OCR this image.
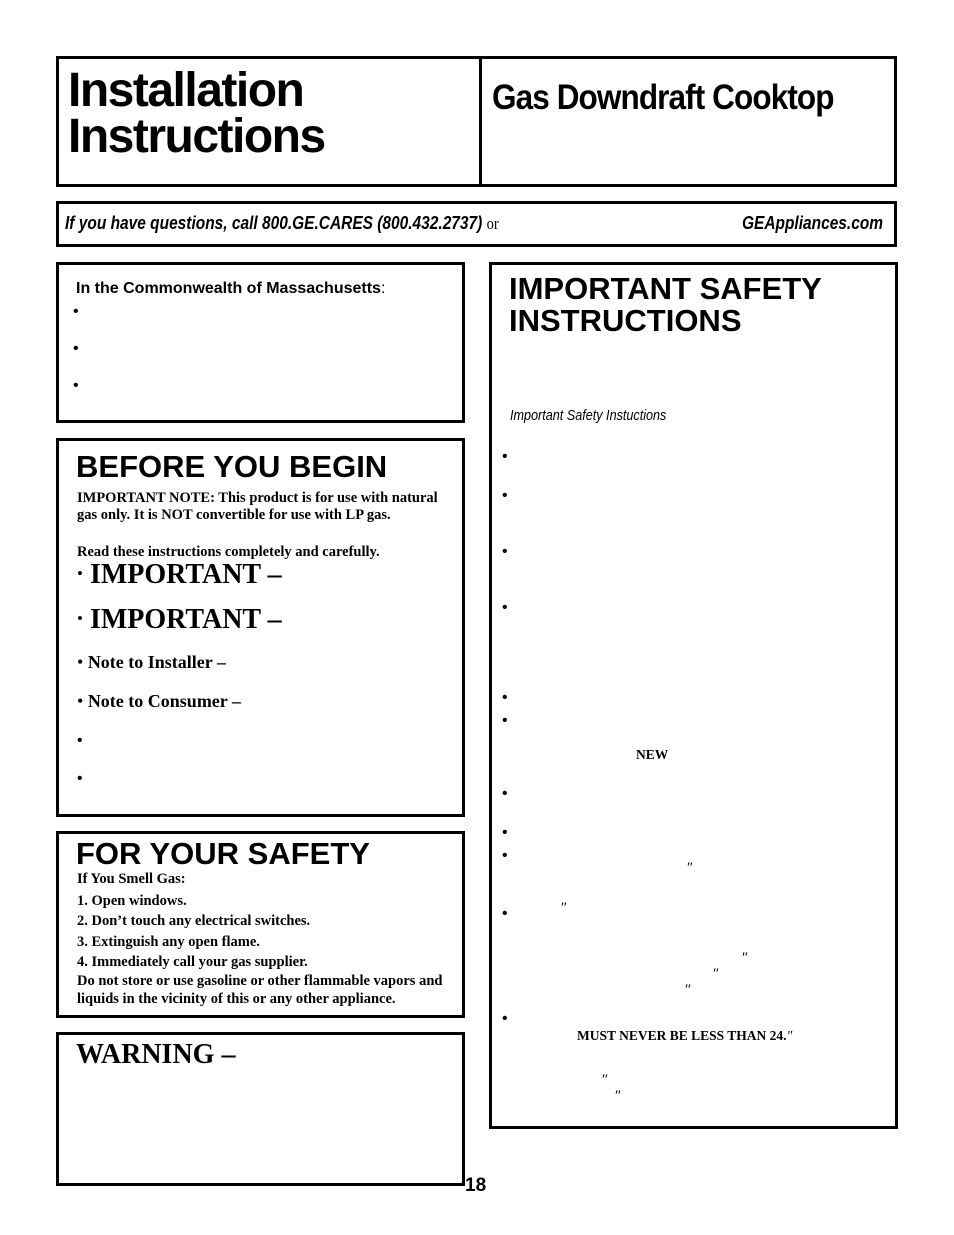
Installation
Instructions
Gas Downdraft Cooktop
If you have questions, call 800.GE.CARES (800.432.2737) or	GEAppliances.com
In the Commonwealth of Massachusetts:
•
•
•
BEFORE YOU BEGIN
IMPORTANT NOTE: This product is for use with natural gas only. It is NOT convertible for use with LP gas.
Read these instructions completely and carefully.
• IMPORTANT –
• IMPORTANT –
• Note to Installer –
• Note to Consumer –
•
•
FOR YOUR SAFETY
If You Smell Gas:
1. Open windows.
2. Don’t touch any electrical switches.
3. Extinguish any open flame.
4. Immediately call your gas supplier.
Do not store or use gasoline or other flammable vapors and liquids in the vicinity of this or any other appliance.
WARNING –
IMPORTANT SAFETY
INSTRUCTIONS
Important Safety Instuctions
•
•
•
•
•
•
NEW
•
•
•
″
•	″
″
″
″
•
MUST NEVER BE LESS THAN 24.″
″
″
18
